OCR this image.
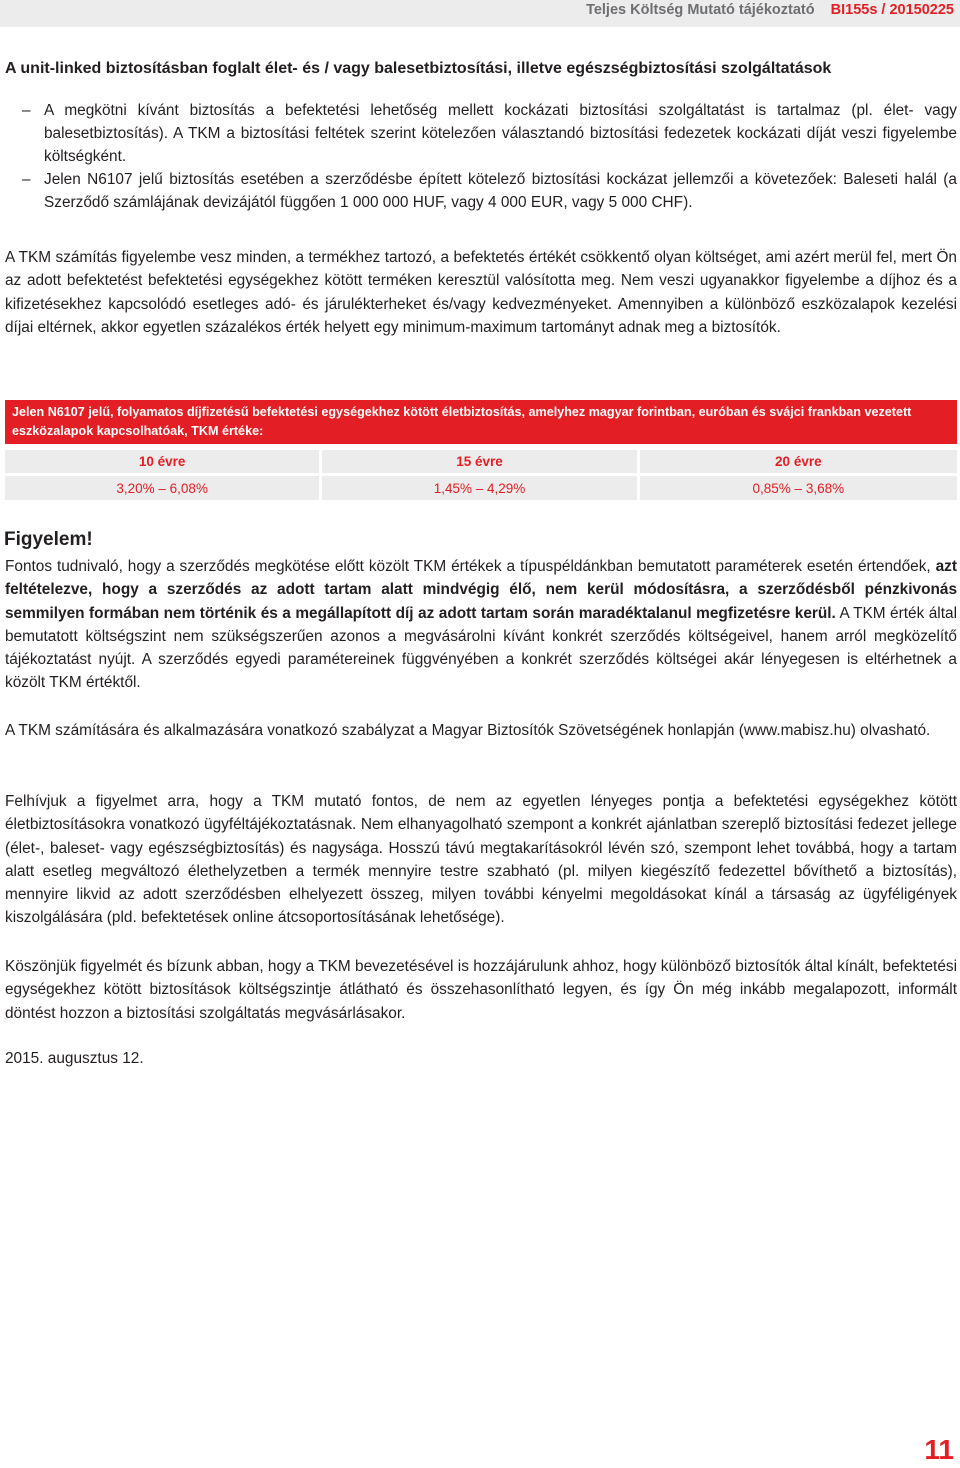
Teljes Költség Mutató tájékoztató BI155s / 20150225
A unit-linked biztosításban foglalt élet- és / vagy balesetbiztosítási, illetve egészségbiztosítási szolgáltatások
– A megkötni kívánt biztosítás a befektetési lehetőség mellett kockázati biztosítási szolgáltatást is tartalmaz (pl. élet- vagy balesetbiztosítás). A TKM a biztosítási feltétek szerint kötelezően választandó biztosítási fedezetek kockázati díját veszi figyelembe költségként.
– Jelen N6107 jelű biztosítás esetében a szerződésbe épített kötelező biztosítási kockázat jellemzői a követezőek: Baleseti halál (a Szerződő számlájának devizájától függően 1 000 000 HUF, vagy 4 000 EUR, vagy 5 000 CHF).
A TKM számítás figyelembe vesz minden, a termékhez tartozó, a befektetés értékét csökkentő olyan költséget, ami azért merül fel, mert Ön az adott befektetést befektetési egységekhez kötött terméken keresztül valósította meg. Nem veszi ugyanakkor figyelembe a díjhoz és a kifizetésekhez kapcsolódó esetleges adó- és járulékterheket és/vagy kedvezményeket. Amennyiben a különböző eszközalapok kezelési díjai eltérnek, akkor egyetlen százalékos érték helyett egy minimum-maximum tartományt adnak meg a biztosítók.
Jelen N6107 jelű, folyamatos díjfizetésű befektetési egységekhez kötött életbiztosítás, amelyhez magyar forintban, euróban és svájci frankban vezetett eszközalapok kapcsolhatóak, TKM értéke:
10 évre	15 évre	20 évre
3,20% – 6,08%	1,45% – 4,29%	0,85% – 3,68%
Figyelem!
Fontos tudnivaló, hogy a szerződés megkötése előtt közölt TKM értékek a típuspéldánkban bemutatott paraméterek esetén értendőek, azt feltételezve, hogy a szerződés az adott tartam alatt mindvégig élő, nem kerül módosításra, a szerződésből pénzkivonás semmilyen formában nem történik és a megállapított díj az adott tartam során maradéktalanul megfizetésre kerül. A TKM érték által bemutatott költségszint nem szükségszerűen azonos a megvásárolni kívánt konkrét szerződés költségeivel, hanem arról megközelítő tájékoztatást nyújt. A szerződés egyedi paramétereinek függvényében a konkrét szerződés költségei akár lényegesen is eltérhetnek a közölt TKM értéktől.
A TKM számítására és alkalmazására vonatkozó szabályzat a Magyar Biztosítók Szövetségének honlapján (www.mabisz.hu) olvasható.
Felhívjuk a figyelmet arra, hogy a TKM mutató fontos, de nem az egyetlen lényeges pontja a befektetési egységekhez kötött életbiztosításokra vonatkozó ügyféltájékoztatásnak. Nem elhanyagolható szempont a konkrét ajánlatban szereplő biztosítási fedezet jellege (élet-, baleset- vagy egészségbiztosítás) és nagysága. Hosszú távú megtakarításokról lévén szó, szempont lehet továbbá, hogy a tartam alatt esetleg megváltozó élethelyzetben a termék mennyire testre szabható (pl. milyen kiegészítő fedezettel bővíthető a biztosítás), mennyire likvid az adott szerződésben elhelyezett összeg, milyen további kényelmi megoldásokat kínál a társaság az ügyféligények kiszolgálására (pld. befektetések online átcsoportosításának lehetősége).
Köszönjük figyelmét és bízunk abban, hogy a TKM bevezetésével is hozzájárulunk ahhoz, hogy különböző biztosítók által kínált, befektetési egységekhez kötött biztosítások költségszintje átlátható és összehasonlítható legyen, és így Ön még inkább megalapozott, informált döntést hozzon a biztosítási szolgáltatás megvásárlásakor.
2015. augusztus 12.
11
